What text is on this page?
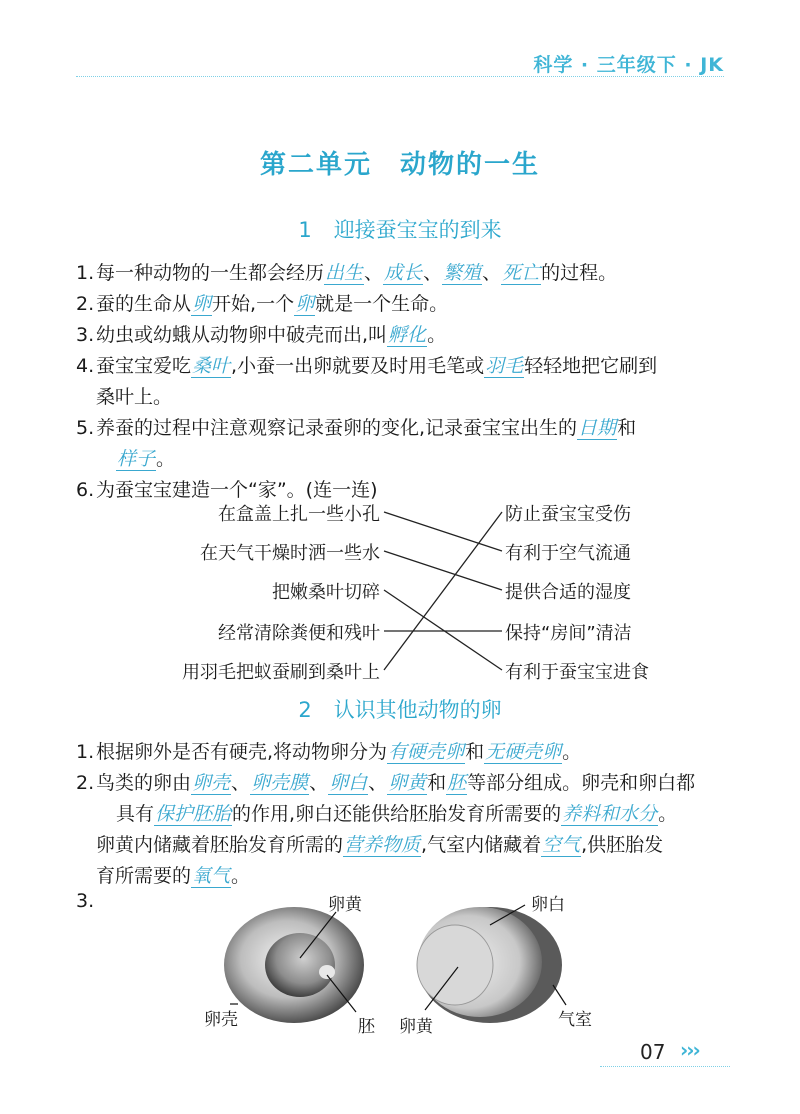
科学 · 三年级下 · JK
第二单元　动物的一生
1 迎接蚕宝宝的到来
1.每一种动物的一生都会经历出生、成长、繁殖、死亡的过程。
2.蚕的生命从卵开始,一个卵就是一个生命。
3.幼虫或幼蛾从动物卵中破壳而出,叫孵化。
4.蚕宝宝爱吃桑叶,小蚕一出卵就要及时用毛笔或羽毛轻轻地把它刷到
桑叶上。
5.养蚕的过程中注意观察记录蚕卵的变化,记录蚕宝宝出生的日期和
样子。
6.为蚕宝宝建造一个“家”。(连一连)
在盒盖上扎一些小孔
在天气干燥时洒一些水
把嫩桑叶切碎
经常清除粪便和残叶
用羽毛把蚁蚕刷到桑叶上
防止蚕宝宝受伤
有利于空气流通
提供合适的湿度
保持“房间”清洁
有利于蚕宝宝进食
2 认识其他动物的卵
1.根据卵外是否有硬壳,将动物卵分为有硬壳卵和无硬壳卵。
2.鸟类的卵由卵壳、卵壳膜、卵白、卵黄和胚等部分组成。卵壳和卵白都
具有保护胚胎的作用,卵白还能供给胚胎发育所需要的养料和水分。
卵黄内储藏着胚胎发育所需的营养物质,气室内储藏着空气,供胚胎发
育所需要的氧气。
3.	卵黄
卵壳	胚
卵白
卵黄	气室
07 ›››
